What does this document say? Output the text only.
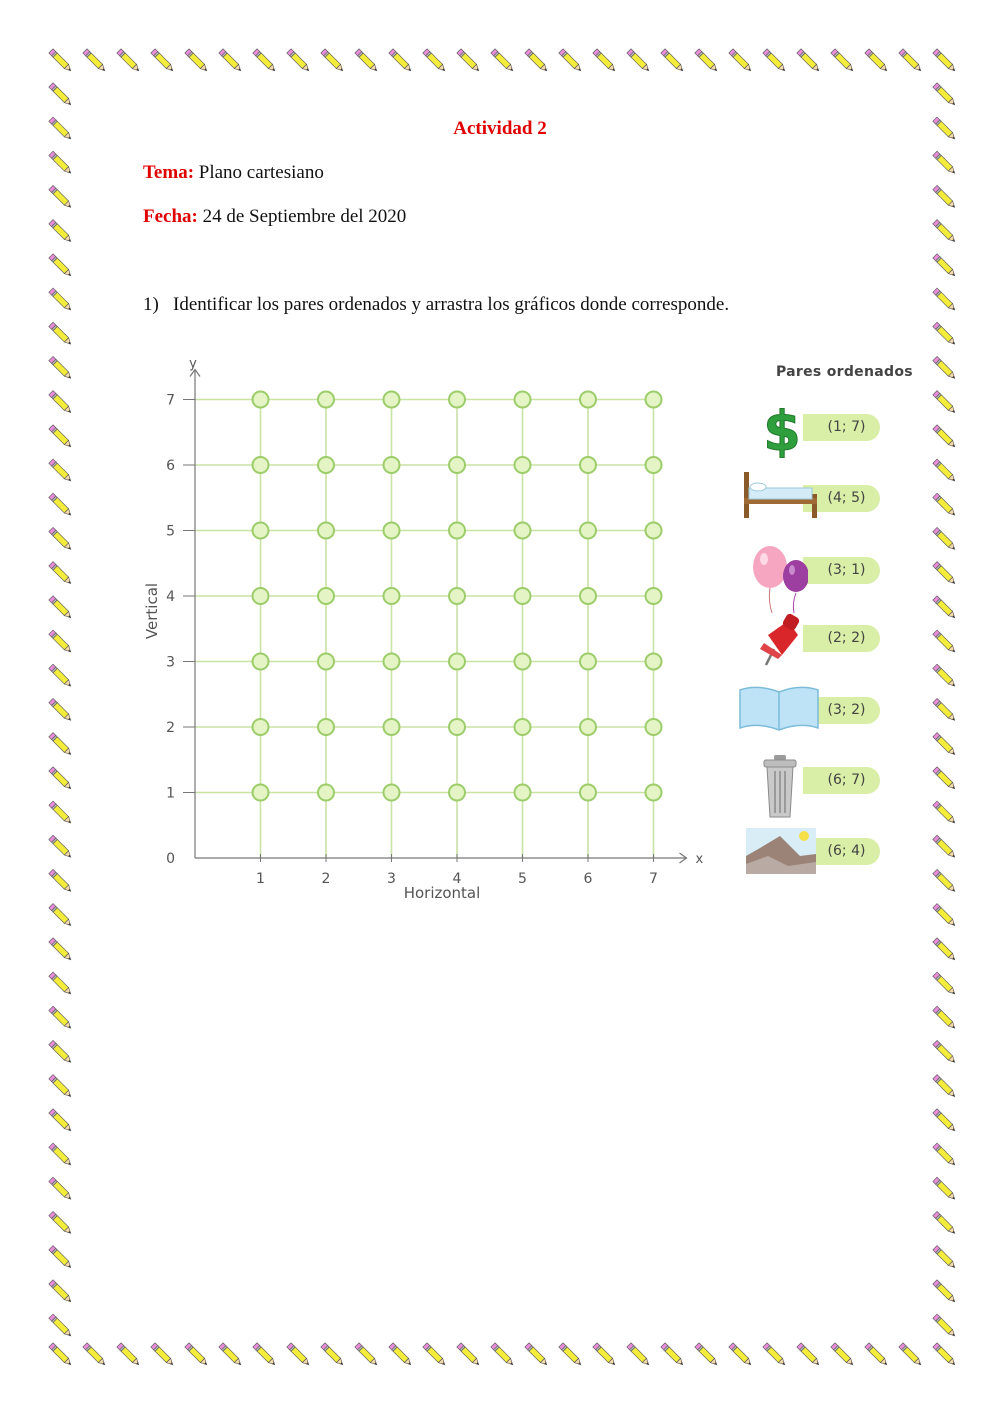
Actividad 2
Tema: Plano cartesiano
Fecha: 24 de Septiembre del 2020
1) Identificar los pares ordenados y arrastra los gráficos donde corresponde.
1	2	3	4	5	6	7
1
2
3
4
5
6
7
0	x
y
Horizontal
Vertical
Pares ordenados
(1; 7)
$
(4; 5)
(3; 1)
(2; 2)
(3; 2)
(6; 7)
(6; 4)
